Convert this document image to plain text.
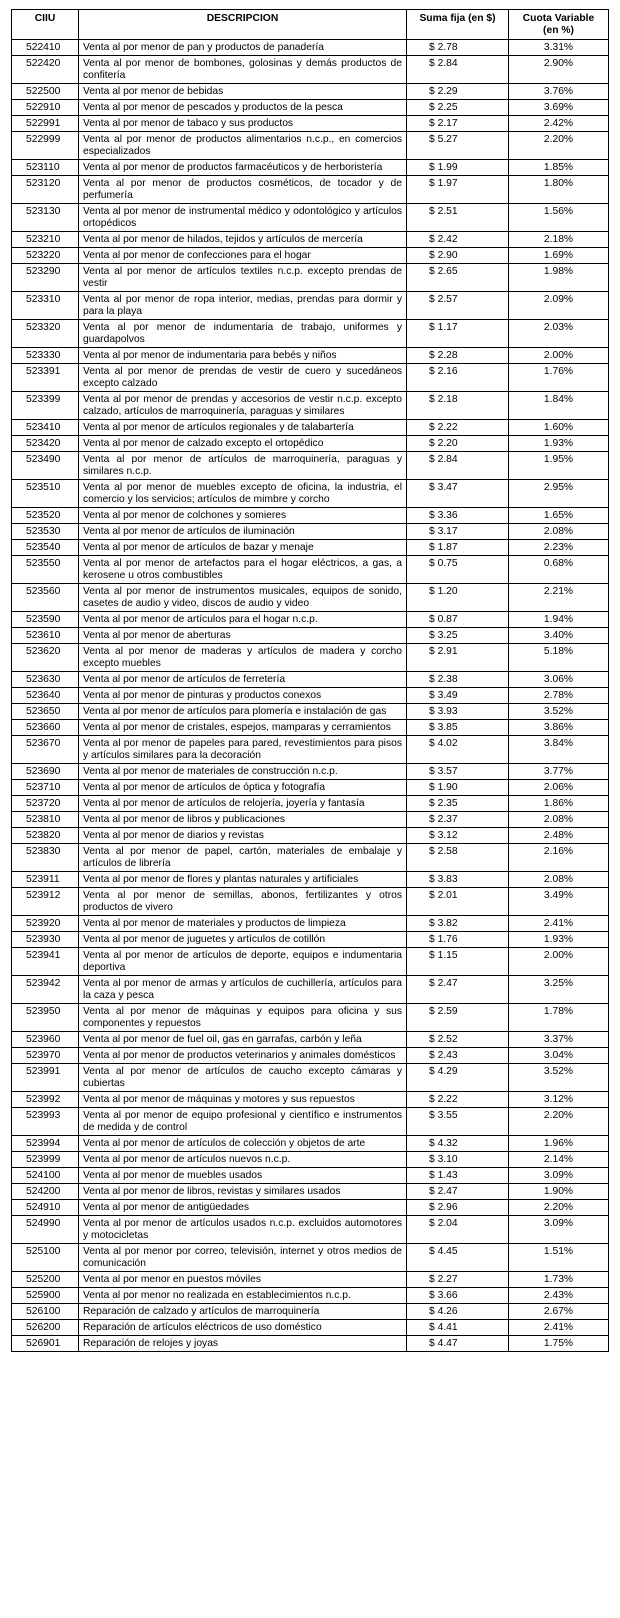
CIIU	DESCRIPCION	Suma fija (en $)	Cuota Variable
(en %)

522410	Venta al por menor de pan y productos de panadería	$ 2.78	3.31%
522420	Venta al por menor de bombones, golosinas y demás productos de confitería	$ 2.84	2.90%
522500	Venta al por menor de bebidas	$ 2.29	3.76%
522910	Venta al por menor de pescados y productos de la pesca	$ 2.25	3.69%
522991	Venta al por menor de tabaco y sus productos	$ 2.17	2.42%
522999	Venta al por menor de productos alimentarios n.c.p., en comercios especializados	$ 5.27	2.20%
523110	Venta al por menor de productos farmacéuticos y de herboristería	$ 1.99	1.85%
523120	Venta al por menor de productos cosméticos, de tocador y de perfumería	$ 1.97	1.80%
523130	Venta al por menor de instrumental médico y odontológico y artículos ortopédicos	$ 2.51	1.56%
523210	Venta al por menor de hilados, tejidos y artículos de mercería	$ 2.42	2.18%
523220	Venta al por menor de confecciones para el hogar	$ 2.90	1.69%
523290	Venta al por menor de artículos textiles n.c.p. excepto prendas de vestir	$ 2.65	1.98%
523310	Venta al por menor de ropa interior, medias, prendas para dormir y para la playa	$ 2.57	2.09%
523320	Venta al por menor de indumentaria de trabajo, uniformes y guardapolvos	$ 1.17	2.03%
523330	Venta al por menor de indumentaria para bebés y niños	$ 2.28	2.00%
523391	Venta al por menor de prendas de vestir de cuero y sucedáneos excepto calzado	$ 2.16	1.76%
523399	Venta al por menor de prendas y accesorios de vestir n.c.p. excepto calzado, artículos de marroquinería, paraguas y similares	$ 2.18	1.84%
523410	Venta al por menor de artículos regionales y de talabartería	$ 2.22	1.60%
523420	Venta al por menor de calzado excepto el ortopédico	$ 2.20	1.93%
523490	Venta al por menor de artículos de marroquinería, paraguas y similares n.c.p.	$ 2.84	1.95%
523510	Venta al por menor de muebles excepto de oficina, la industria, el comercio y los servicios; artículos de mimbre y corcho	$ 3.47	2.95%
523520	Venta al por menor de colchones y somieres	$ 3.36	1.65%
523530	Venta al por menor de artículos de iluminación	$ 3.17	2.08%
523540	Venta al por menor de artículos de bazar y menaje	$ 1.87	2.23%
523550	Venta al por menor de artefactos para el hogar eléctricos, a gas, a kerosene u otros combustibles	$ 0.75	0.68%
523560	Venta al por menor de instrumentos musicales, equipos de sonido, casetes de audio y video, discos de audio y video	$ 1.20	2.21%
523590	Venta al por menor de artículos para el hogar n.c.p.	$ 0.87	1.94%
523610	Venta al por menor de aberturas	$ 3.25	3.40%
523620	Venta al por menor de maderas y artículos de madera y corcho excepto muebles	$ 2.91	5.18%
523630	Venta al por menor de artículos de ferretería	$ 2.38	3.06%
523640	Venta al por menor de pinturas y productos conexos	$ 3.49	2.78%
523650	Venta al por menor de artículos para plomería e instalación de gas	$ 3.93	3.52%
523660	Venta al por menor de cristales, espejos, mamparas y cerramientos	$ 3.85	3.86%
523670	Venta al por menor de papeles para pared, revestimientos para pisos y artículos similares para la decoración	$ 4.02	3.84%
523690	Venta al por menor de materiales de construcción n.c.p.	$ 3.57	3.77%
523710	Venta al por menor de artículos de óptica y fotografía	$ 1.90	2.06%
523720	Venta al por menor de artículos de relojería, joyería y fantasía	$ 2.35	1.86%
523810	Venta al por menor de libros y publicaciones	$ 2.37	2.08%
523820	Venta al por menor de diarios y revistas	$ 3.12	2.48%
523830	Venta al por menor de papel, cartón, materiales de embalaje y artículos de librería	$ 2.58	2.16%
523911	Venta al por menor de flores y plantas naturales y artificiales	$ 3.83	2.08%
523912	Venta al por menor de semillas, abonos, fertilizantes y otros productos de vivero	$ 2.01	3.49%
523920	Venta al por menor de materiales y productos de limpieza	$ 3.82	2.41%
523930	Venta al por menor de juguetes y artículos de cotillón	$ 1.76	1.93%
523941	Venta al por menor de artículos de deporte, equipos e indumentaria deportiva	$ 1.15	2.00%
523942	Venta al por menor de armas y artículos de cuchillería, artículos para la caza y pesca	$ 2.47	3.25%
523950	Venta al por menor de máquinas y equipos para oficina y sus componentes y repuestos	$ 2.59	1.78%
523960	Venta al por menor de fuel oil, gas en garrafas, carbón y leña	$ 2.52	3.37%
523970	Venta al por menor de productos veterinarios y animales domésticos	$ 2.43	3.04%
523991	Venta al por menor de artículos de caucho excepto cámaras y cubiertas	$ 4.29	3.52%
523992	Venta al por menor de máquinas y motores y sus repuestos	$ 2.22	3.12%
523993	Venta al por menor de equipo profesional y científico e instrumentos de medida y de control	$ 3.55	2.20%
523994	Venta al por menor de artículos de colección y objetos de arte	$ 4.32	1.96%
523999	Venta al por menor de artículos nuevos n.c.p.	$ 3.10	2.14%
524100	Venta al por menor de muebles usados	$ 1.43	3.09%
524200	Venta al por menor de libros, revistas y similares usados	$ 2.47	1.90%
524910	Venta al por menor de antigüedades	$ 2.96	2.20%
524990	Venta al por menor de artículos usados n.c.p. excluidos automotores y motocicletas	$ 2.04	3.09%
525100	Venta al por menor por correo, televisión, internet y otros medios de comunicación	$ 4.45	1.51%
525200	Venta al por menor en puestos móviles	$ 2.27	1.73%
525900	Venta al por menor no realizada en establecimientos n.c.p.	$ 3.66	2.43%
526100	Reparación de calzado y artículos de marroquinería	$ 4.26	2.67%
526200	Reparación de artículos eléctricos de uso doméstico	$ 4.41	2.41%
526901	Reparación de relojes y joyas	$ 4.47	1.75%
